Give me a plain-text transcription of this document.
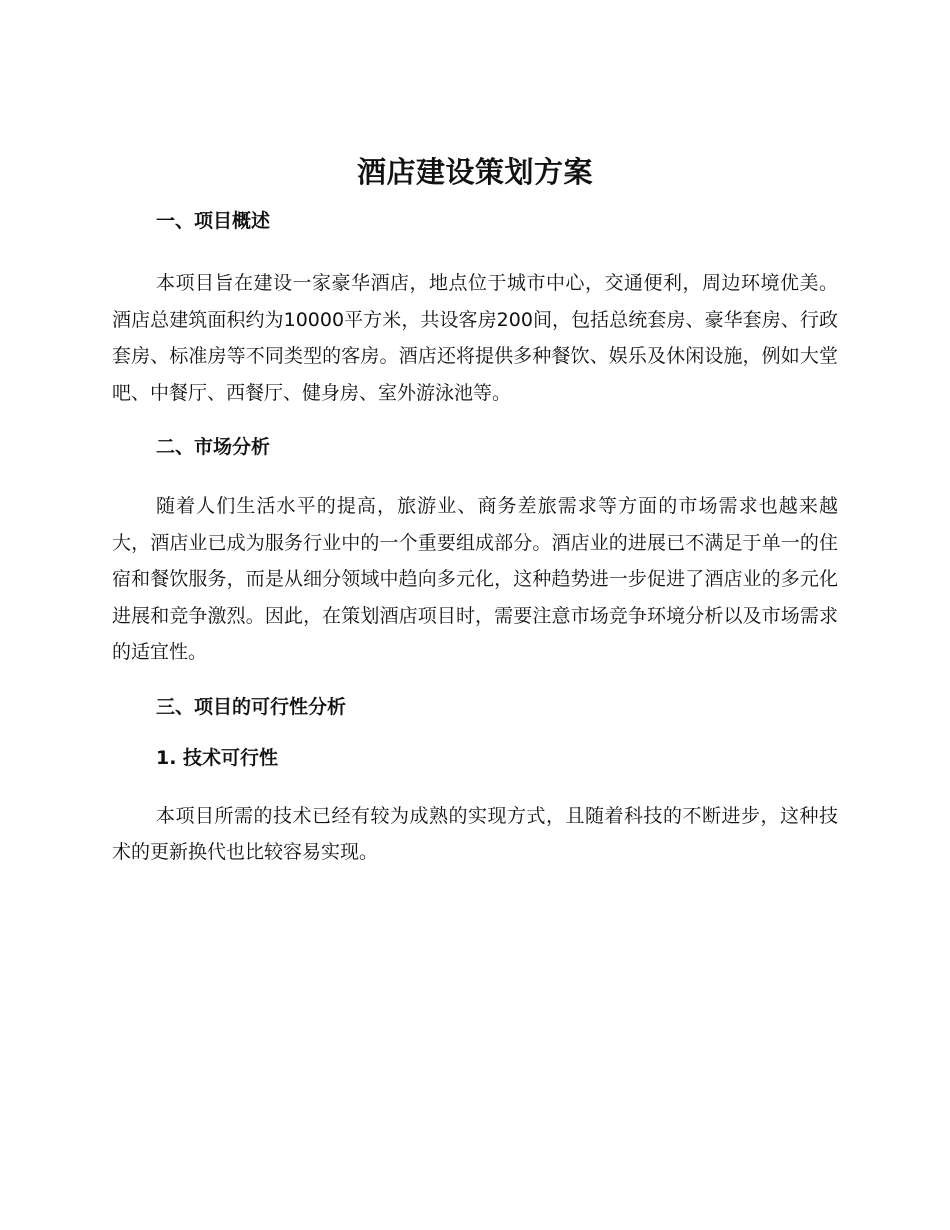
酒店建设策划方案
一、项目概述

本项目旨在建设一家豪华酒店，地点位于城市中心，交通便利，周边环境优美。酒店总建筑面积约为10000平方米，共设客房200间，包括总统套房、豪华套房、行政套房、标准房等不同类型的客房。酒店还将提供多种餐饮、娱乐及休闲设施，例如大堂吧、中餐厅、西餐厅、健身房、室外游泳池等。

二、市场分析

随着人们生活水平的提高，旅游业、商务差旅需求等方面的市场需求也越来越大，酒店业已成为服务行业中的一个重要组成部分。酒店业的进展已不满足于单一的住宿和餐饮服务，而是从细分领域中趋向多元化，这种趋势进一步促进了酒店业的多元化进展和竞争激烈。因此，在策划酒店项目时，需要注意市场竞争环境分析以及市场需求的适宜性。

三、项目的可行性分析
1. 技术可行性

本项目所需的技术已经有较为成熟的实现方式，且随着科技的不断进步，这种技术的更新换代也比较容易实现。
